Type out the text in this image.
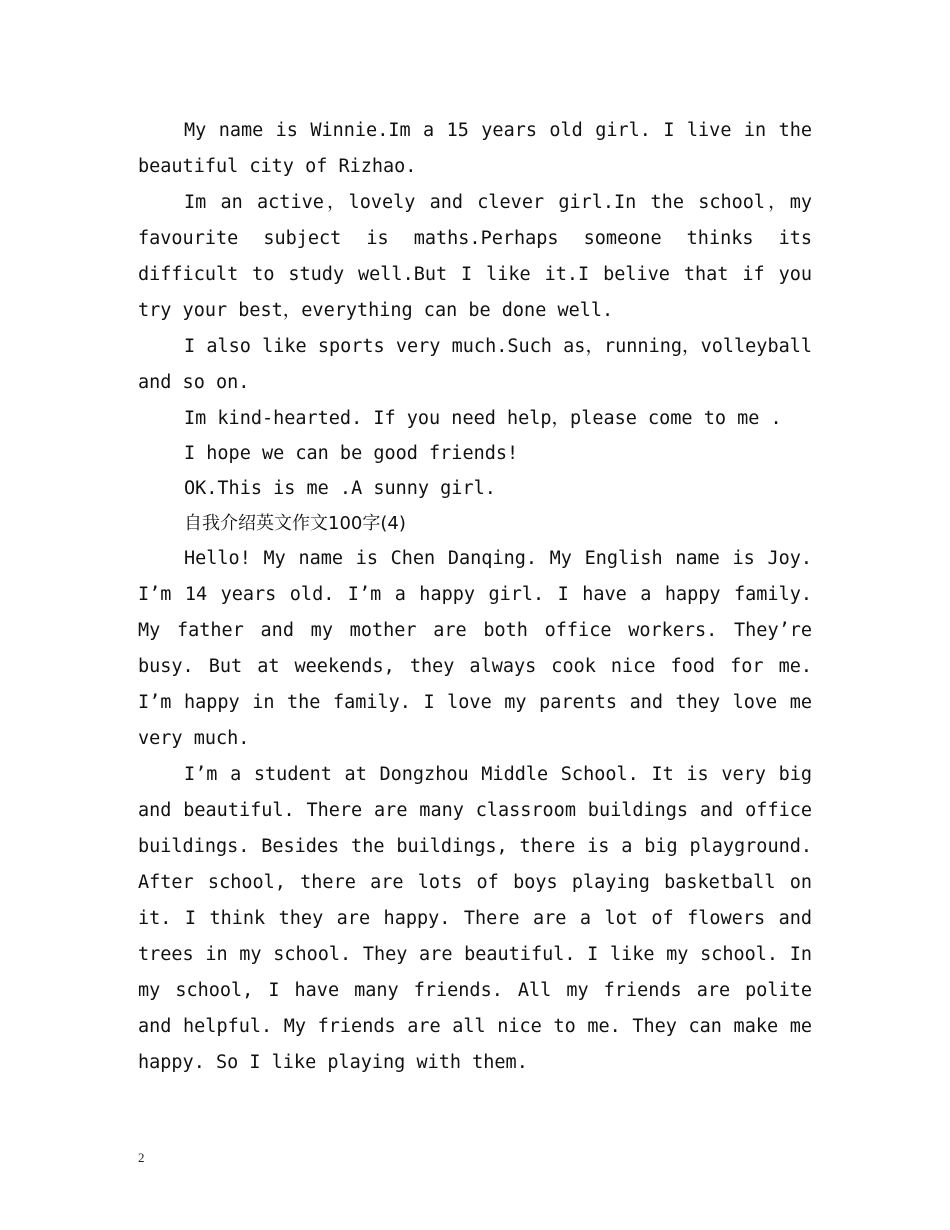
My name is Winnie.Im a 15 years old girl. I live in the beautiful city of Rizhao.

Im an active，lovely and clever girl.In the school，my favourite subject is maths.Perhaps someone thinks its difficult to study well.But I like it.I belive that if you try your best，everything can be done well.

I also like sports very much.Such as，running，volleyball and so on.

Im kind-hearted. If you need help，please come to me .

I hope we can be good friends!

OK.This is me .A sunny girl.

自我介绍英文作文100字(4)

Hello! My name is Chen Danqing. My English name is Joy. I’m 14 years old. I’m a happy girl. I have a happy family. My father and my mother are both office workers. They’re busy. But at weekends, they always cook nice food for me. I’m happy in the family. I love my parents and they love me very much.

I’m a student at Dongzhou Middle School. It is very big and beautiful. There are many classroom buildings and office buildings. Besides the buildings, there is a big playground. After school, there are lots of boys playing basketball on it. I think they are happy. There are a lot of flowers and trees in my school. They are beautiful. I like my school. In my school, I have many friends. All my friends are polite and helpful. My friends are all nice to me. They can make me happy. So I like playing with them.

2
